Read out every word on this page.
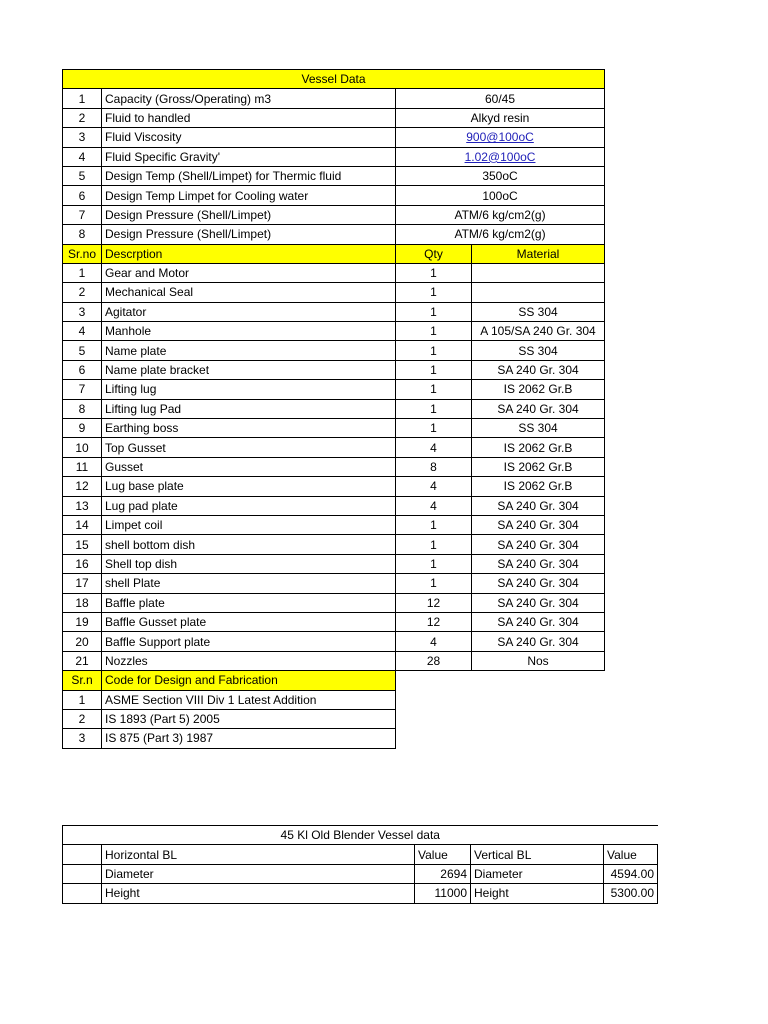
Vessel Data			
1	Capacity (Gross/Operating) m3	60/45	
2	Fluid to handled	Alkyd resin	
3	Fluid Viscosity	900@100oC	
4	Fluid Specific Gravity'	1.02@100oC	
5	Design Temp (Shell/Limpet) for Thermic fluid	350oC	
6	Design Temp Limpet for Cooling water	100oC	
7	Design Pressure (Shell/Limpet)	ATM/6 kg/cm2(g)	
8	Design Pressure (Shell/Limpet)	ATM/6 kg/cm2(g)	
Sr.no	Descrption	Qty	Material
1	Gear and Motor	1	
2	Mechanical Seal	1	
3	Agitator	1	SS 304
4	Manhole	1	A 105/SA 240 Gr. 304
5	Name plate	1	SS 304
6	Name plate bracket	1	SA 240 Gr. 304
7	Lifting lug	1	IS 2062 Gr.B
8	Lifting lug Pad	1	SA 240 Gr. 304
9	Earthing boss	1	SS 304
10	Top Gusset	4	IS 2062 Gr.B
11	Gusset	8	IS 2062 Gr.B
12	Lug base plate	4	IS 2062 Gr.B
13	Lug pad plate	4	SA 240 Gr. 304
14	Limpet coil	1	SA 240 Gr. 304
15	shell bottom dish	1	SA 240 Gr. 304
16	Shell top dish	1	SA 240 Gr. 304
17	shell Plate	1	SA 240 Gr. 304
18	Baffle plate	12	SA 240 Gr. 304
19	Baffle Gusset plate	12	SA 240 Gr. 304
20	Baffle Support plate	4	SA 240 Gr. 304
21	Nozzles	28	Nos
Sr.n	Code for Design and Fabrication		
1	ASME Section VIII Div 1 Latest Addition		
2	IS 1893 (Part 5) 2005		
3	IS 875 (Part 3) 1987		
45 Kl Old Blender Vessel data				
	Horizontal BL	Value	Vertical BL	Value
	Diameter	2694	Diameter	4594.00
	Height	11000	Height	5300.00
